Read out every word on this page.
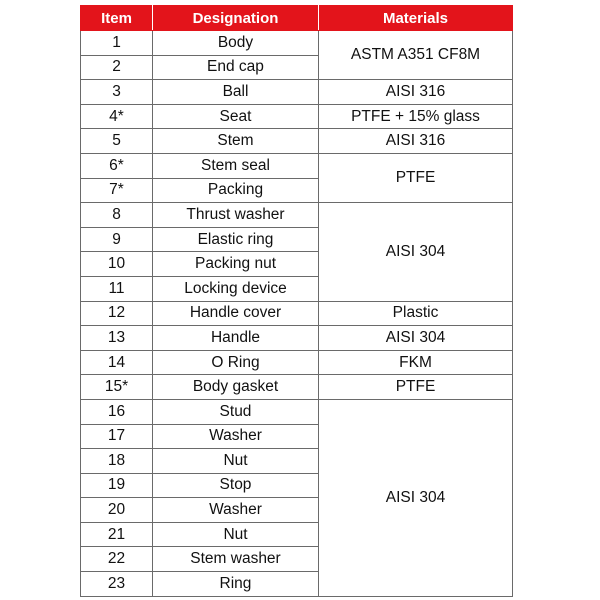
Item	Designation	Materials
1	Body	ASTM A351 CF8M
2	End cap	
3	Ball	AISI 316
4*	Seat	PTFE + 15% glass
5	Stem	AISI 316
6*	Stem seal	PTFE
7*	Packing	
8	Thrust washer	AISI 304
9	Elastic ring	
10	Packing nut	
11	Locking device	
12	Handle cover	Plastic
13	Handle	AISI 304
14	O Ring	FKM
15*	Body gasket	PTFE
16	Stud	AISI 304
17	Washer	
18	Nut	
19	Stop	
20	Washer	
21	Nut	
22	Stem washer	
23	Ring	
